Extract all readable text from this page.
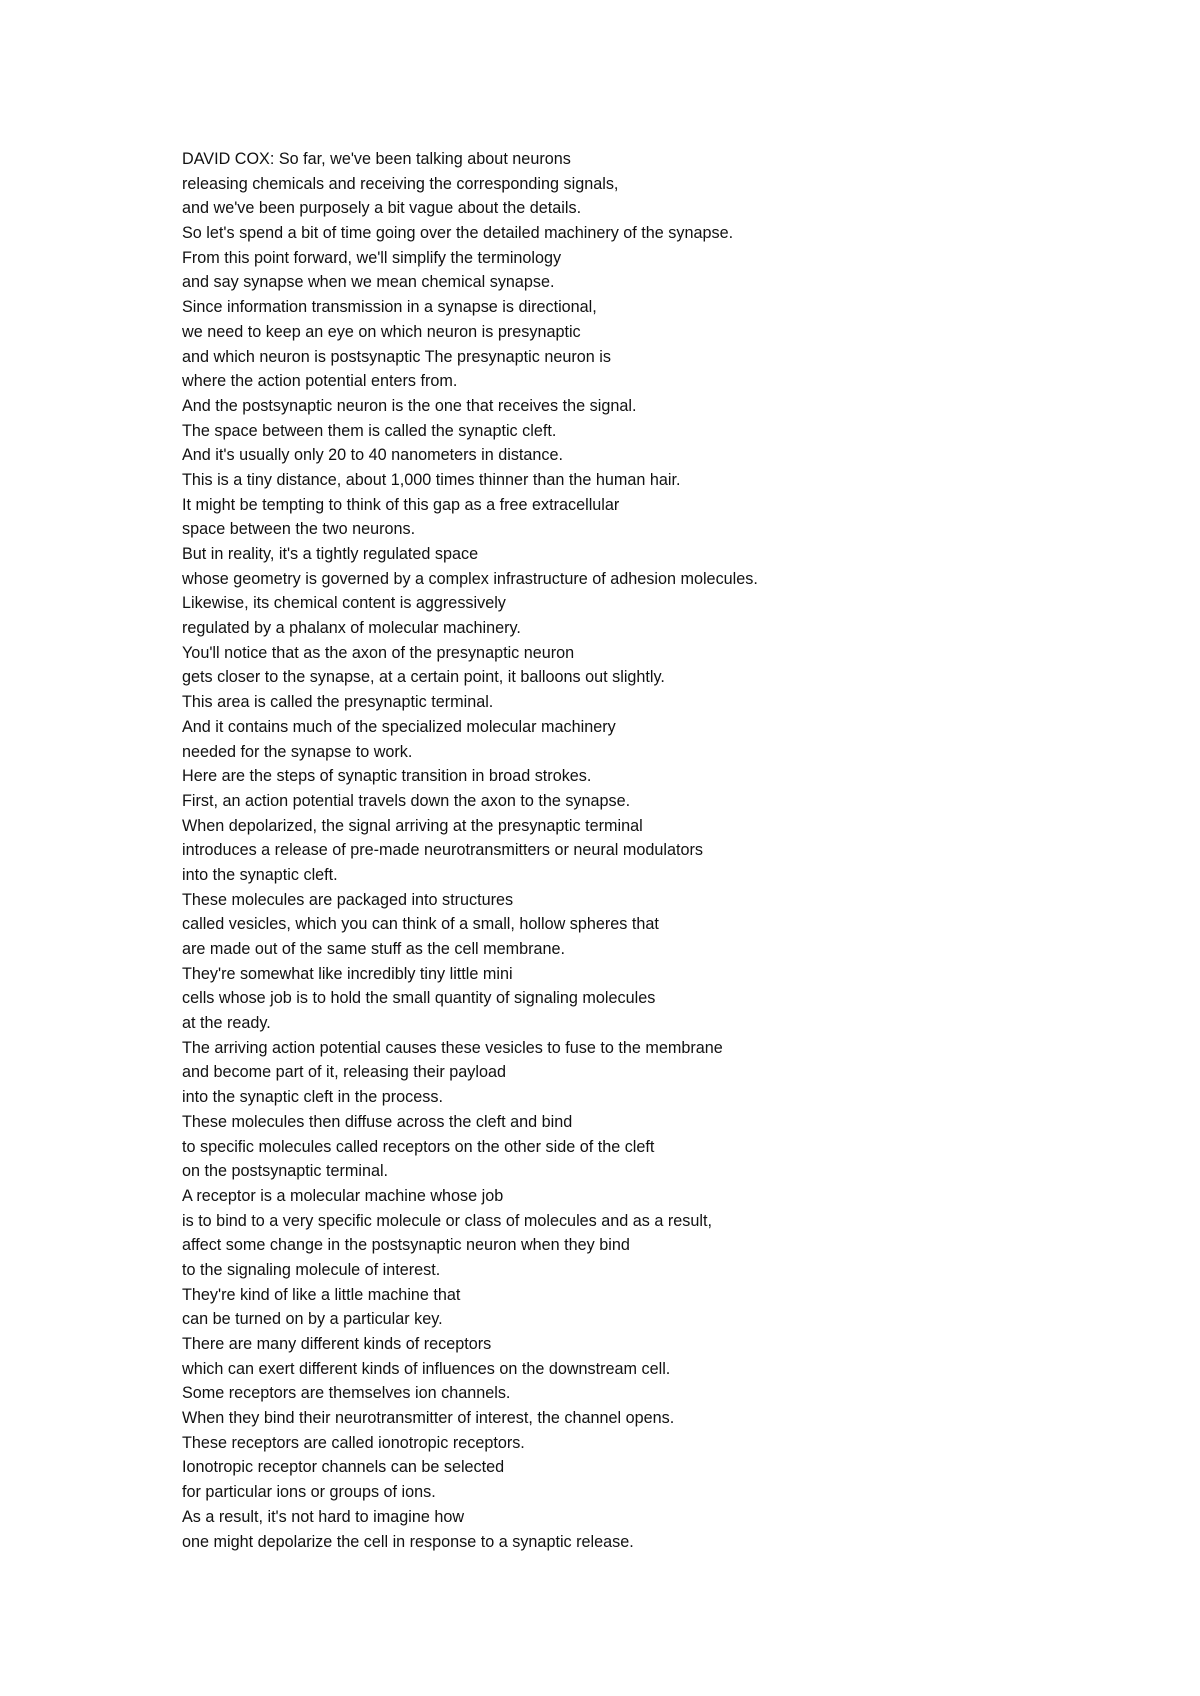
DAVID COX: So far, we've been talking about neurons
releasing chemicals and receiving the corresponding signals,
and we've been purposely a bit vague about the details.
So let's spend a bit of time going over the detailed machinery of the synapse.
From this point forward, we'll simplify the terminology
and say synapse when we mean chemical synapse.
Since information transmission in a synapse is directional,
we need to keep an eye on which neuron is presynaptic
and which neuron is postsynaptic The presynaptic neuron is
where the action potential enters from.
And the postsynaptic neuron is the one that receives the signal.
The space between them is called the synaptic cleft.
And it's usually only 20 to 40 nanometers in distance.
This is a tiny distance, about 1,000 times thinner than the human hair.
It might be tempting to think of this gap as a free extracellular
space between the two neurons.
But in reality, it's a tightly regulated space
whose geometry is governed by a complex infrastructure of adhesion molecules.
Likewise, its chemical content is aggressively
regulated by a phalanx of molecular machinery.
You'll notice that as the axon of the presynaptic neuron
gets closer to the synapse, at a certain point, it balloons out slightly.
This area is called the presynaptic terminal.
And it contains much of the specialized molecular machinery
needed for the synapse to work.
Here are the steps of synaptic transition in broad strokes.
First, an action potential travels down the axon to the synapse.
When depolarized, the signal arriving at the presynaptic terminal
introduces a release of pre-made neurotransmitters or neural modulators
into the synaptic cleft.
These molecules are packaged into structures
called vesicles, which you can think of a small, hollow spheres that
are made out of the same stuff as the cell membrane.
They're somewhat like incredibly tiny little mini
cells whose job is to hold the small quantity of signaling molecules
at the ready.
The arriving action potential causes these vesicles to fuse to the membrane
and become part of it, releasing their payload
into the synaptic cleft in the process.
These molecules then diffuse across the cleft and bind
to specific molecules called receptors on the other side of the cleft
on the postsynaptic terminal.
A receptor is a molecular machine whose job
is to bind to a very specific molecule or class of molecules and as a result,
affect some change in the postsynaptic neuron when they bind
to the signaling molecule of interest.
They're kind of like a little machine that
can be turned on by a particular key.
There are many different kinds of receptors
which can exert different kinds of influences on the downstream cell.
Some receptors are themselves ion channels.
When they bind their neurotransmitter of interest, the channel opens.
These receptors are called ionotropic receptors.
Ionotropic receptor channels can be selected
for particular ions or groups of ions.
As a result, it's not hard to imagine how
one might depolarize the cell in response to a synaptic release.
